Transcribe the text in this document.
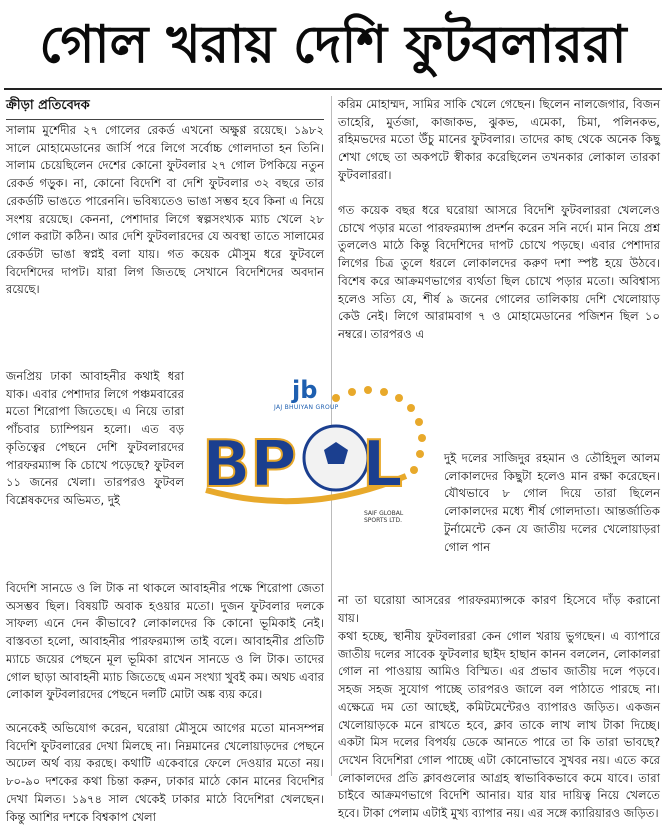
গোল খরায় দেশি ফুটবলাররা
ক্রীড়া প্রতিবেদক

সালাম মুর্শেদীর ২৭ গোলের রেকর্ড এখনো অক্ষুণ্ণ রয়েছে। ১৯৮২ সালে মোহামেডানের জার্সি পরে লিগে সর্বোচ্চ গোলদাতা হন তিনি। সালাম চেয়েছিলেন দেশের কোনো ফুটবলার ২৭ গোল টপকিয়ে নতুন রেকর্ড গড়ুক। না, কোনো বিদেশি বা দেশি ফুটবলার ৩২ বছরে তার রেকর্ডটি ভাঙতে পারেননি। ভবিষ্যতেও ভাঙা সম্ভব হবে কিনা এ নিয়ে সংশয় রয়েছে। কেননা, পেশাদার লিগে স্বল্পসংখ্যক ম্যাচ খেলে ২৮ গোল করাটা কঠিন। আর দেশি ফুটবলারদের যে অবস্থা তাতে সালামের রেকর্ডটা ভাঙা স্বপ্নই বলা যায়। গত কয়েক মৌসুম ধরে ফুটবলে বিদেশিদের দাপট। যারা লিগ জিতছে সেখানে বিদেশিদের অবদান রয়েছে।

জনপ্রিয় ঢাকা আবাহনীর কথাই ধরা যাক। এবার পেশাদার লিগে পঞ্চমবারের মতো শিরোপা জিতেছে। এ নিয়ে তারা পাঁচবার চ্যাম্পিয়ন হলো। এত বড় কৃতিত্বের পেছনে দেশি ফুটবলারদের পারফরম্যান্স কি চোখে পড়েছে? ফুটবল ১১ জনের খেলা। তারপরও ফুটবল বিশ্লেষকদের অভিমত, দুই

বিদেশি সানডে ও লি টাক না থাকলে আবাহনীর পক্ষে শিরোপা জেতা অসম্ভব ছিল। বিষয়টি অবাক হওয়ার মতো। দুজন ফুটবলার দলকে সাফল্য এনে দেন কীভাবে? লোকালদের কি কোনো ভূমিকাই নেই। বাস্তবতা হলো, আবাহনীর পারফরম্যান্স তাই বলে। আবাহনীর প্রতিটি ম্যাচে জয়ের পেছনে মূল ভূমিকা রাখেন সানডে ও লি টাক। তাদের গোল ছাড়া আবাহনী ম্যাচ জিতেছে এমন সংখ্যা খুবই কম। অথচ এবার লোকাল ফুটবলারদের পেছনে দলটি মোটা অঙ্ক ব্যয় করে।

অনেকেই অভিযোগ করেন, ঘরোয়া মৌসুমে আগের মতো মানসম্পন্ন বিদেশি ফুটবলারের দেখা মিলছে না। নিম্নমানের খেলোয়াড়দের পেছনে অঢেল অর্থ ব্যয় করছে। কথাটি একেবারে ফেলে দেওয়ার মতো নয়। ৮০-৯০ দশকের কথা চিন্তা করুন, ঢাকার মাঠে কোন মানের বিদেশির দেখা মিলত। ১৯৭৪ সাল থেকেই ঢাকার মাঠে বিদেশিরা খেলছেন। কিন্তু আশির দশকে বিশ্বকাপ খেলা

করিম মোহাম্মদ, সামির সাকি খেলে গেছেন। ছিলেন নালজেগার, বিজন তাহেরি, মুর্তজা, কাজাকভ, ঝুকভ, এমেকা, চিমা, পলিনকভ, রহিমভদের মতো উঁচু মানের ফুটবলার। তাদের কাছ থেকে অনেক কিছু শেখা গেছে তা অকপটে স্বীকার করেছিলেন তখনকার লোকাল তারকা ফুটবলাররা।

গত কয়েক বছর ধরে ঘরোয়া আসরে বিদেশি ফুটবলাররা খেললেও চোখে পড়ার মতো পারফরম্যান্স প্রদর্শন করেন সনি নর্দে। মান নিয়ে প্রশ্ন তুললেও মাঠে কিন্তু বিদেশিদের দাপট চোখে পড়ছে। এবার পেশাদার লিগের চিত্র তুলে ধরলে লোকালদের করুণ দশা স্পষ্ট হয়ে উঠবে। বিশেষ করে আক্রমণভাগের ব্যর্থতা ছিল চোখে পড়ার মতো। অবিশ্বাস্য হলেও সত্যি যে, শীর্ষ ৯ জনের গোলের তালিকায় দেশি খেলোয়াড় কেউ নেই। লিগে আরামবাগ ৭ ও মোহামেডানের পজিশন ছিল ১০ নম্বরে। তারপরও এ

দুই দলের সাজিদুর রহমান ও তৌহিদুল আলম লোকালদের কিছুটা হলেও মান রক্ষা করেছেন। যৌথভাবে ৮ গোল দিয়ে তারা ছিলেন লোকালদের মধ্যে শীর্ষ গোলদাতা। আন্তর্জাতিক টুর্নামেন্টে কেন যে জাতীয় দলের খেলোয়াড়রা গোল পান

না তা ঘরোয়া আসরের পারফরম্যান্সকে কারণ হিসেবে দাঁড় করানো যায়।

কথা হচ্ছে, স্থানীয় ফুটবলাররা কেন গোল খরায় ভুগছেন। এ ব্যাপারে জাতীয় দলের সাবেক ফুটবলার ছাইদ হাছান কানন বললেন, লোকালরা গোল না পাওয়ায় আমিও বিস্মিত। এর প্রভাব জাতীয় দলে পড়বে। সহজ সহজ সুযোগ পাচ্ছে তারপরও জালে বল পাঠাতে পারছে না। এক্ষেত্রে দম তো আছেই, কমিটমেন্টেরও ব্যাপারও জড়িত। একজন খেলোয়াড়কে মনে রাখতে হবে, ক্লাব তাকে লাখ লাখ টাকা দিচ্ছে। একটা মিস দলের বিপর্যয় ডেকে আনতে পারে তা কি তারা ভাবছে? দেখেন বিদেশিরা গোল পাচ্ছে এটা কোনোভাবে সুখবর নয়। এতে করে লোকালদের প্রতি ক্লাবগুলোর আগ্রহ স্বাভাবিকভাবে কমে যাবে। তারা চাইবে আক্রমণভাগে বিদেশি আনার। যার যার দায়িত্ব নিয়ে খেলতে হবে। টাকা পেলাম এটাই মুখ্য ব্যাপার নয়। এর সঙ্গে ক্যারিয়ারও জড়িত।

B P L
jb
JAJ BHUIYAN GROUP
SAIF GLOBAL SPORTS LTD.
